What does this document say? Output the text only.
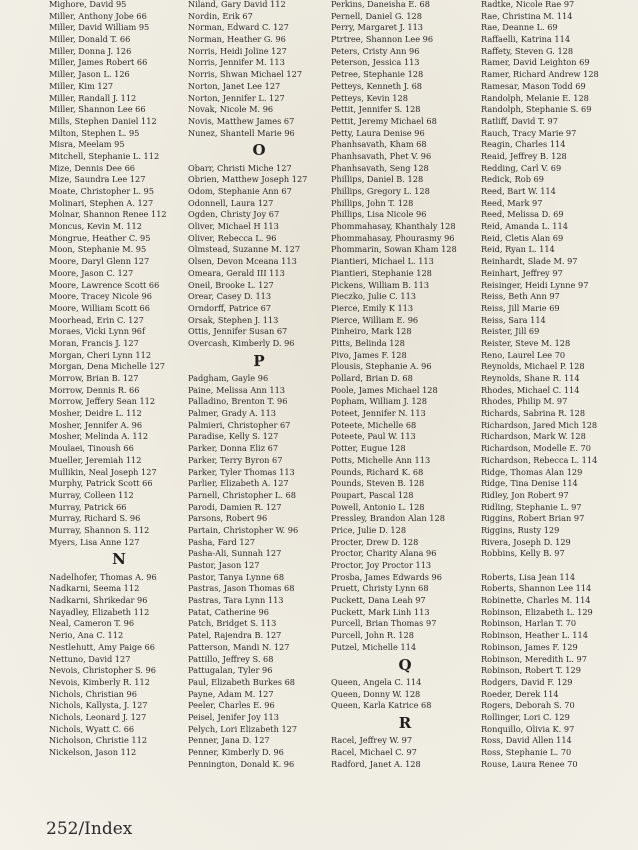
Mighore, David 95
Miller, Anthony Jobe 66
Miller, David William 95
Miller, Donald T. 66
Miller, Donna J. 126
Miller, James Robert 66
Miller, Jason L. 126
Miller, Kim 127
Miller, Randall J. 112
Miller, Shannon Lee 66
Mills, Stephen Daniel 112
Milton, Stephen L. 95
Misra, Meelam 95
Mitchell, Stephanie L. 112
Mize, Dennis Dee 66
Mize, Saundra Lee 127
Moate, Christopher L. 95
Molinari, Stephen A. 127
Molnar, Shannon Renee 112
Moncus, Kevin M. 112
Mongrue, Heather C. 95
Moon, Stephanie M. 95
Moore, Daryl Glenn 127
Moore, Jason C. 127
Moore, Lawrence Scott 66
Moore, Tracey Nicole 96
Moore, William Scott 66
Moorhead, Erin C. 127
Moraes, Vicki Lynn 96f
Moran, Francis J. 127
Morgan, Cheri Lynn 112
Morgan, Dena Michelle 127
Morrow, Brian B. 127
Morrow, Dennis R. 66
Morrow, Jeffery Sean 112
Mosher, Deidre L. 112
Mosher, Jennifer A. 96
Mosher, Melinda A. 112
Moulaei, Tinoush 66
Mueller, Jeremiah 112
Mullikin, Neal Joseph 127
Murphy, Patrick Scott 66
Murray, Colleen 112
Murray, Patrick 66
Murray, Richard S. 96
Murray, Shannon S. 112
Myers, Lisa Anne 127
N
Nadelhofer, Thomas A. 96
Nadkarni, Seema 112
Nadkarni, Shrikedar 96
Nayadley, Elizabeth 112
Neal, Cameron T. 96
Nerio, Ana C. 112
Nestlehutt, Amy Paige 66
Nettuno, David 127
Nevois, Christopher S. 96
Nevois, Kimberly R. 112
Nichols, Christian 96
Nichols, Kallysta, J. 127
Nichols, Leonard J. 127
Nichols, Wyatt C. 66
Nicholson, Christie 112
Nickelson, Jason 112
Niland, Gary David 112
Nordin, Erik 67
Norman, Edward C. 127
Norman, Heather G. 96
Norris, Heidi Joline 127
Norris, Jennifer M. 113
Norris, Shwan Michael 127
Norton, Janet Lee 127
Norton, Jennifer L. 127
Novak, Nicole M. 96
Novis, Matthew James 67
Nunez, Shantell Marie 96
O
Obarr, Christi Miche 127
Obrien, Matthew Joseph 127
Odom, Stephanie Ann 67
Odonnell, Laura 127
Ogden, Christy Joy 67
Oliver, Michael H 113
Oliver, Rebecca L. 96
Olmstead, Suzanne M. 127
Olsen, Devon Mceana 113
Omeara, Gerald III 113
Oneil, Brooke L. 127
Orear, Casey D. 113
Orndorff, Patrice 67
Orsak, Stephen J. 113
Ottis, Jennifer Susan 67
Overcash, Kimberly D. 96
P
Padgham, Gayle 96
Paine, Melissa Ann 113
Palladino, Brenton T. 96
Palmer, Grady A. 113
Palmieri, Christopher 67
Paradise, Kelly S. 127
Parker, Donna Eliz 67
Parker, Terry Byron 67
Parker, Tyler Thomas 113
Parlier, Elizabeth A. 127
Parnell, Christopher L. 68
Parodi, Damien R. 127
Parsons, Robert 96
Partain, Christopher W. 96
Pasha, Fard 127
Pasha-Ali, Sunnah 127
Pastor, Jason 127
Pastor, Tanya Lynne 68
Pastras, Jason Thomas 68
Pastras, Tara Lynn 113
Patat, Catherine 96
Patch, Bridget S. 113
Patel, Rajendra B. 127
Patterson, Mandi N. 127
Pattillo, Jeffrey S. 68
Pattugalan, Tyler 96
Paul, Elizabeth Burkes 68
Payne, Adam M. 127
Peeler, Charles E. 96
Peisel, Jenifer Joy 113
Pelych, Lori Elizabeth 127
Penner, Jana D. 127
Penner, Kimberly D. 96
Pennington, Donald K. 96
Perkins, Daneisha E. 68
Pernell, Daniel G. 128
Perry, Margaret J. 113
Ptrtree, Shannon Lee 96
Peters, Cristy Ann 96
Peterson, Jessica 113
Petree, Stephanie 128
Petteys, Kenneth J. 68
Petteys, Kevin 128
Pettit, Jennifer S. 128
Pettit, Jeremy Michael 68
Petty, Laura Denise 96
Phanhsavath, Kham 68
Phanhsavath, Phet V. 96
Phanhsavath, Seng 128
Phillips, Daniel B. 128
Phillips, Gregory L. 128
Phillips, John T. 128
Phillips, Lisa Nicole 96
Phommahasay, Khanthaly 128
Phommahasay, Phourasmy 96
Phommarin, Sowan Kham 128
Piantieri, Michael L. 113
Piantieri, Stephanie 128
Pickens, William B. 113
Pieczko, Julie C. 113
Pierce, Emily K 113
Pierce, William E. 96
Pinheiro, Mark 128
Pitts, Belinda 128
Pivo, James F. 128
Plousis, Stephanie A. 96
Pollard, Brian D. 68
Poole, James Michael 128
Popham, William J. 128
Poteet, Jennifer N. 113
Poteete, Michelle 68
Poteete, Paul W. 113
Potter, Eugue 128
Potts, Michelle Ann 113
Pounds, Richard K. 68
Pounds, Steven B. 128
Poupart, Pascal 128
Powell, Antonio L. 128
Pressley, Brandon Alan 128
Price, Julie D. 128
Procter, Drew D. 128
Proctor, Charity Alana 96
Proctor, Joy Proctor 113
Prosba, James Edwards 96
Pruett, Christy Lynn 68
Puckett, Dana Leah 97
Puckett, Mark Linh 113
Purcell, Brian Thomas 97
Purcell, John R. 128
Putzel, Michelle 114
Q
Queen, Angela C. 114
Queen, Donny W. 128
Queen, Karla Katrice 68
R
Racel, Jeffrey W. 97
Racel, Michael C. 97
Radford, Janet A. 128
Radtke, Nicole Rae 97
Rae, Christina M. 114
Rae, Deanne L. 69
Raffaelli, Katrina 114
Raffety, Steven G. 128
Ramer, David Leighton 69
Ramer, Richard Andrew 128
Ramesar, Mason Todd 69
Randolph, Melanie E. 128
Randolph, Stephanie S. 69
Ratliff, David T. 97
Rauch, Tracy Marie 97
Reagin, Charles 114
Reaid, Jeffrey B. 128
Redding, Carl V. 69
Redick, Rob 69
Reed, Bart W. 114
Reed, Mark 97
Reed, Melissa D. 69
Reid, Amanda L. 114
Reid, Cletis Alan 69
Reid, Ryan L. 114
Reinhardt, Slade M. 97
Reinhart, Jeffrey 97
Reisinger, Heidi Lynne 97
Reiss, Beth Ann 97
Reiss, Jill Marie 69
Reiss, Sara 114
Reister, Jill 69
Reister, Steve M. 128
Reno, Laurel Lee 70
Reynolds, Michael P. 128
Reynolds, Shane R. 114
Rhodes, Michael C. 114
Rhodes, Philip M. 97
Richards, Sabrina R. 128
Richardson, Jared Mich 128
Richardson, Mark W. 128
Richardson, Modelle E. 70
Richardson, Rebecca L. 114
Ridge, Thomas Alan 129
Ridge, Tina Denise 114
Ridley, Jon Robert 97
Ridling, Stephanie L. 97
Riggins, Robert Brian 97
Riggins, Rusty 129
Rivera, Joseph D. 129
Robbins, Kelly B. 97
Roberts, Lisa Jean 114
Roberts, Shannon Lee 114
Robinette, Charles M. 114
Robinson, Elizabeth L. 129
Robinson, Harlan T. 70
Robinson, Heather L. 114
Robinson, James F. 129
Robinson, Meredith L. 97
Robinson, Robert T. 129
Rodgers, David F. 129
Roeder, Derek 114
Rogers, Deborah S. 70
Rollinger, Lori C. 129
Ronquillo, Olivia K. 97
Ross, David Allen 114
Ross, Stephanie L. 70
Rouse, Laura Renee 70
252/Index
